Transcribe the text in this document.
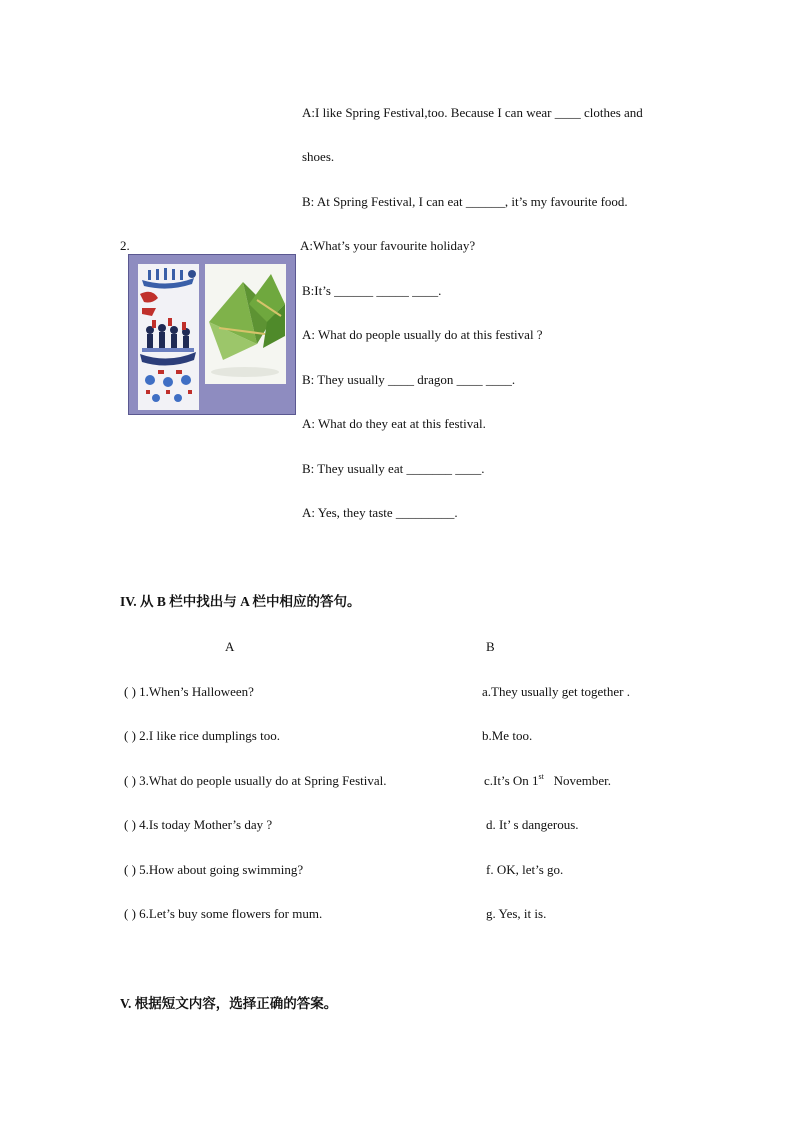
A:I like Spring Festival,too. Because I can wear ____ clothes and
shoes.
B: At Spring Festival, I can eat ______, it’s my favourite food.
2.	A:What’s your favourite holiday?
B:It’s ______ _____ ____.
A: What do people usually do at this festival ?
B: They usually ____ dragon ____ ____.
A: What do they eat at this festival.
B: They usually eat _______ ____.
A: Yes, they taste _________.
IV. 从 B 栏中找出与 A 栏中相应的答句。
A	B
( ) 1.When’s Halloween?	a.They usually get together .
( ) 2.I like rice dumplings too.	b.Me too.
( ) 3.What do people usually do at Spring Festival.	c.It’s On 1st   November.
( ) 4.Is today Mother’s day ?	d. It’ s dangerous.
( ) 5.How about going swimming?	f. OK, let’s go.
( ) 6.Let’s buy some flowers for mum.	g. Yes, it is.
V. 根据短文内容，选择正确的答案。
